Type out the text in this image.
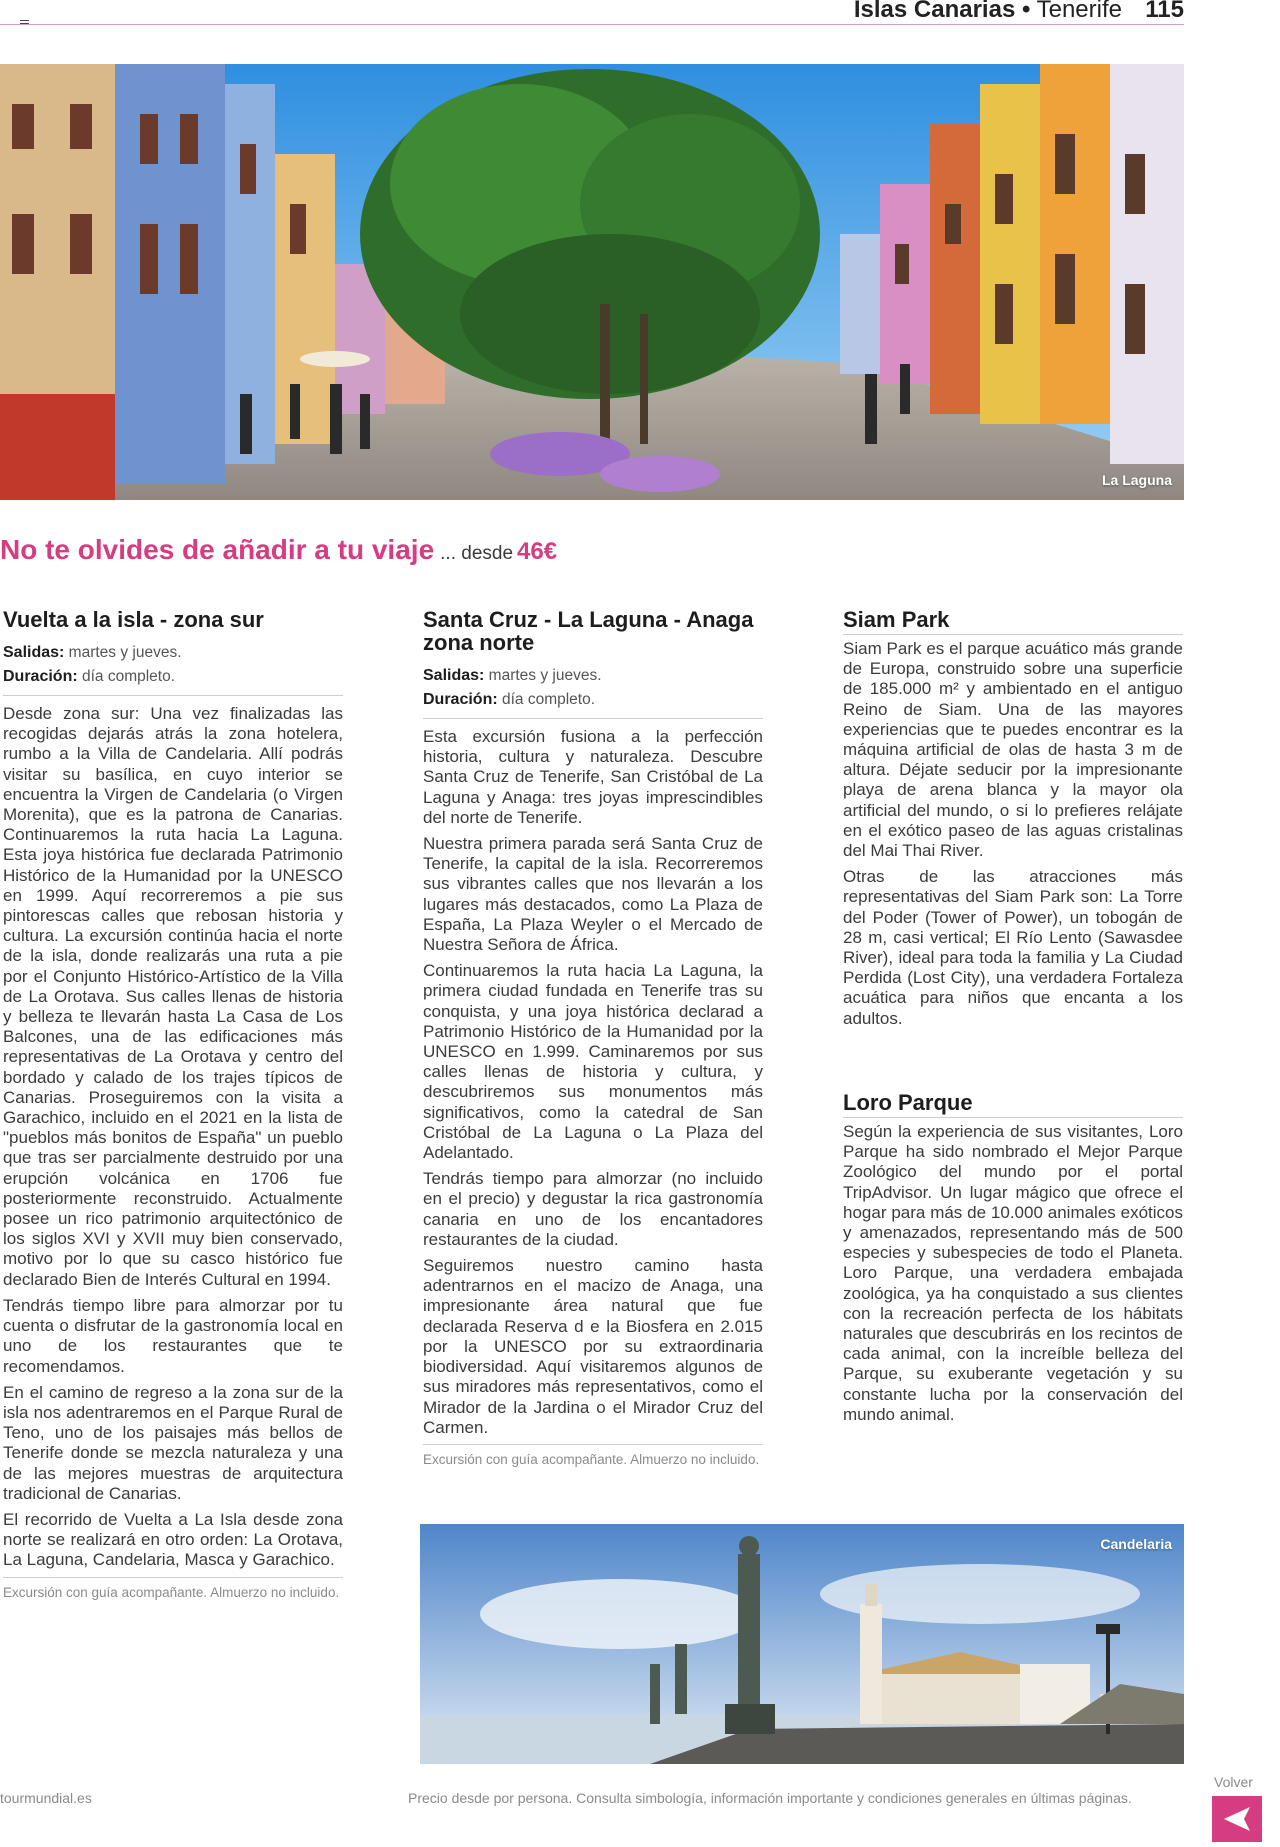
Islas Canarias • Tenerife 115
La Laguna
No te olvides de añadir a tu viaje ... desde 46€
Vuelta a la isla - zona sur
Salidas: martes y jueves.
Duración: día completo.

Desde zona sur: Una vez finalizadas las recogidas dejarás atrás la zona hotelera, rumbo a la Villa de Candelaria. Allí podrás visitar su basílica, en cuyo interior se encuentra la Virgen de Candelaria (o Virgen Morenita), que es la patrona de Canarias. Continuaremos la ruta hacia La Laguna. Esta joya histórica fue declarada Patrimonio Histórico de la Humanidad por la UNESCO en 1999. Aquí recorreremos a pie sus pintorescas calles que rebosan historia y cultura. La excursión continúa hacia el norte de la isla, donde realizarás una ruta a pie por el Conjunto Histórico-Artístico de la Villa de La Orotava. Sus calles llenas de historia y belleza te llevarán hasta La Casa de Los Balcones, una de las edificaciones más representativas de La Orotava y centro del bordado y calado de los trajes típicos de Canarias. Proseguiremos con la visita a Garachico, incluido en el 2021 en la lista de "pueblos más bonitos de España" un pueblo que tras ser parcialmente destruido por una erupción volcánica en 1706 fue posteriormente reconstruido. Actualmente posee un rico patrimonio arquitectónico de los siglos XVI y XVII muy bien conservado, motivo por lo que su casco histórico fue declarado Bien de Interés Cultural en 1994.

Tendrás tiempo libre para almorzar por tu cuenta o disfrutar de la gastronomía local en uno de los restaurantes que te recomendamos.

En el camino de regreso a la zona sur de la isla nos adentraremos en el Parque Rural de Teno, uno de los paisajes más bellos de Tenerife donde se mezcla naturaleza y una de las mejores muestras de arquitectura tradicional de Canarias.

El recorrido de Vuelta a La Isla desde zona norte se realizará en otro orden: La Orotava, La Laguna, Candelaria, Masca y Garachico.

Excursión con guía acompañante. Almuerzo no incluido.
Santa Cruz - La Laguna - Anaga zona norte
Salidas: martes y jueves.
Duración: día completo.

Esta excursión fusiona a la perfección historia, cultura y naturaleza. Descubre Santa Cruz de Tenerife, San Cristóbal de La Laguna y Anaga: tres joyas imprescindibles del norte de Tenerife.

Nuestra primera parada será Santa Cruz de Tenerife, la capital de la isla. Recorreremos sus vibrantes calles que nos llevarán a los lugares más destacados, como La Plaza de España, La Plaza Weyler o el Mercado de Nuestra Señora de África.

Continuaremos la ruta hacia La Laguna, la primera ciudad fundada en Tenerife tras su conquista, y una joya histórica declarad a Patrimonio Histórico de la Humanidad por la UNESCO en 1.999. Caminaremos por sus calles llenas de historia y cultura, y descubriremos sus monumentos más significativos, como la catedral de San Cristóbal de La Laguna o La Plaza del Adelantado.

Tendrás tiempo para almorzar (no incluido en el precio) y degustar la rica gastronomía canaria en uno de los encantadores restaurantes de la ciudad.

Seguiremos nuestro camino hasta adentrarnos en el macizo de Anaga, una impresionante área natural que fue declarada Reserva d e la Biosfera en 2.015 por la UNESCO por su extraordinaria biodiversidad. Aquí visitaremos algunos de sus miradores más representativos, como el Mirador de la Jardina o el Mirador Cruz del Carmen.

Excursión con guía acompañante. Almuerzo no incluido.
Siam Park

Siam Park es el parque acuático más grande de Europa, construido sobre una superficie de 185.000 m² y ambientado en el antiguo Reino de Siam. Una de las mayores experiencias que te puedes encontrar es la máquina artificial de olas de hasta 3 m de altura. Déjate seducir por la impresionante playa de arena blanca y la mayor ola artificial del mundo, o si lo prefieres relájate en el exótico paseo de las aguas cristalinas del Mai Thai River.

Otras de las atracciones más representativas del Siam Park son: La Torre del Poder (Tower of Power), un tobogán de 28 m, casi vertical; El Río Lento (Sawasdee River), ideal para toda la familia y La Ciudad Perdida (Lost City), una verdadera Fortaleza acuática para niños que encanta a los adultos.

Loro Parque

Según la experiencia de sus visitantes, Loro Parque ha sido nombrado el Mejor Parque Zoológico del mundo por el portal TripAdvisor. Un lugar mágico que ofrece el hogar para más de 10.000 animales exóticos y amenazados, representando más de 500 especies y subespecies de todo el Planeta. Loro Parque, una verdadera embajada zoológica, ya ha conquistado a sus clientes con la recreación perfecta de los hábitats naturales que descubrirás en los recintos de cada animal, con la increíble belleza del Parque, su exuberante vegetación y su constante lucha por la conservación del mundo animal.

Candelaria
tourmundial.es	Precio desde por persona. Consulta simbología, información importante y condiciones generales en últimas páginas.
Volver
